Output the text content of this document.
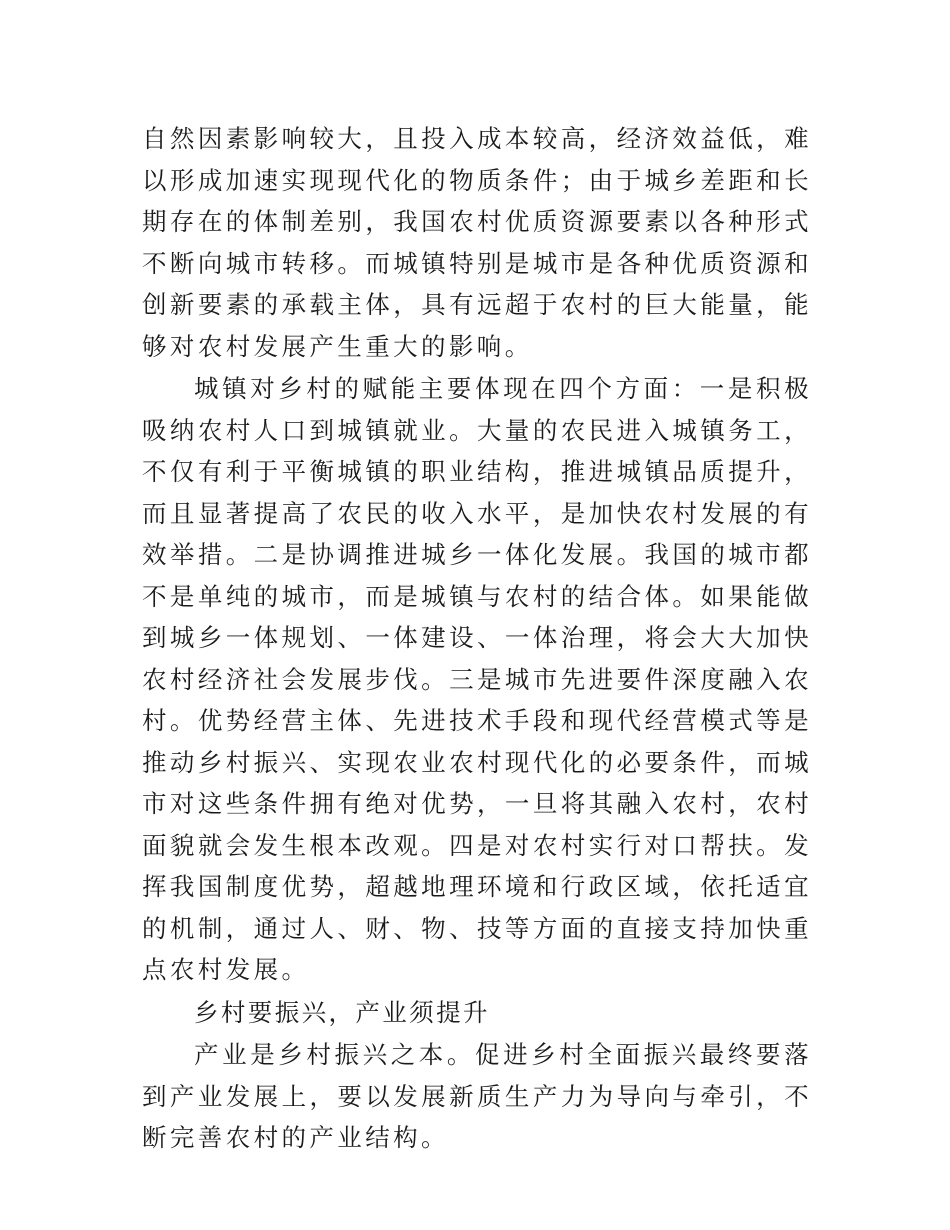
自然因素影响较大，且投入成本较高，经济效益低，难以形成加速实现现代化的物质条件；由于城乡差距和长期存在的体制差别，我国农村优质资源要素以各种形式不断向城市转移。而城镇特别是城市是各种优质资源和创新要素的承载主体，具有远超于农村的巨大能量，能够对农村发展产生重大的影响。

城镇对乡村的赋能主要体现在四个方面：一是积极吸纳农村人口到城镇就业。大量的农民进入城镇务工，不仅有利于平衡城镇的职业结构，推进城镇品质提升，而且显著提高了农民的收入水平，是加快农村发展的有效举措。二是协调推进城乡一体化发展。我国的城市都不是单纯的城市，而是城镇与农村的结合体。如果能做到城乡一体规划、一体建设、一体治理，将会大大加快农村经济社会发展步伐。三是城市先进要件深度融入农村。优势经营主体、先进技术手段和现代经营模式等是推动乡村振兴、实现农业农村现代化的必要条件，而城市对这些条件拥有绝对优势，一旦将其融入农村，农村面貌就会发生根本改观。四是对农村实行对口帮扶。发挥我国制度优势，超越地理环境和行政区域，依托适宜的机制，通过人、财、物、技等方面的直接支持加快重点农村发展。

乡村要振兴，产业须提升

产业是乡村振兴之本。促进乡村全面振兴最终要落到产业发展上，要以发展新质生产力为导向与牵引，不断完善农村的产业结构。
